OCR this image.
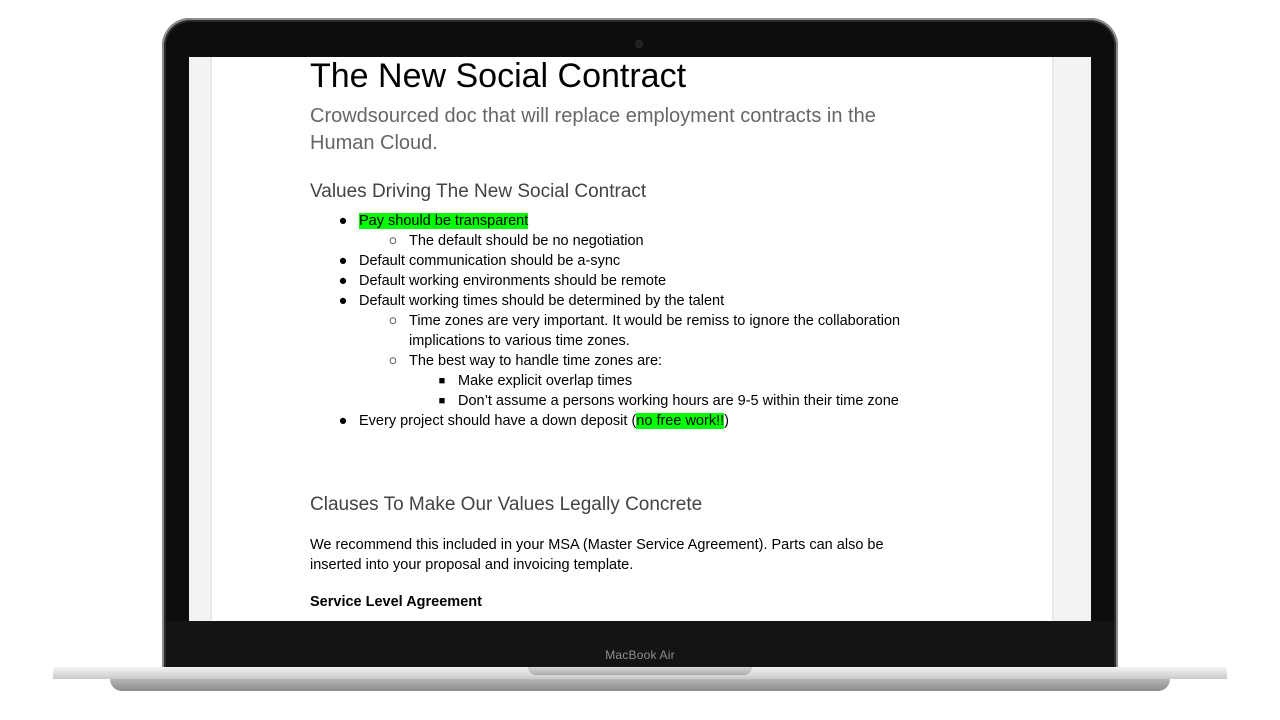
The New Social Contract
Crowdsourced doc that will replace employment contracts in the Human Cloud.
Values Driving The New Social Contract
● Pay should be transparent
○ The default should be no negotiation
● Default communication should be a-sync
● Default working environments should be remote
● Default working times should be determined by the talent
○ Time zones are very important. It would be remiss to ignore the collaboration
implications to various time zones.
○ The best way to handle time zones are:
■ Make explicit overlap times
■ Don’t assume a persons working hours are 9-5 within their time zone
● Every project should have a down deposit (no free work!!)
Clauses To Make Our Values Legally Concrete
We recommend this included in your MSA (Master Service Agreement). Parts can also be inserted into your proposal and invoicing template.
Service Level Agreement
MacBook Air
